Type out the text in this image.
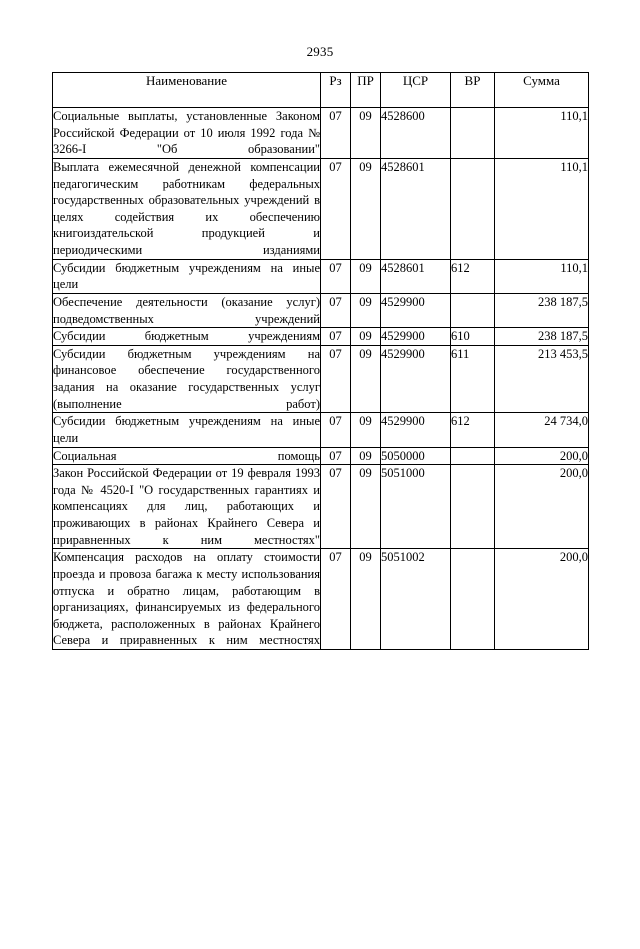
2935
Наименование	Рз	ПР	ЦСР	ВР	Сумма
Социальные выплаты, установленные Законом Российской Федерации от 10 июля 1992 года № 3266-I "Об образовании"	07	09	4528600		110,1
Выплата ежемесячной денежной компенсации педагогическим работникам федеральных государственных образовательных учреждений в целях содействия их обеспечению книгоиздательской продукцией и периодическими изданиями	07	09	4528601		110,1
Субсидии бюджетным учреждениям на иные цели	07	09	4528601	612	110,1
Обеспечение деятельности (оказание услуг) подведомственных учреждений	07	09	4529900		238 187,5
Субсидии бюджетным учреждениям	07	09	4529900	610	238 187,5
Субсидии бюджетным учреждениям на финансовое обеспечение государственного задания на оказание государственных услуг (выполнение работ)	07	09	4529900	611	213 453,5
Субсидии бюджетным учреждениям на иные цели	07	09	4529900	612	24 734,0
Социальная помощь	07	09	5050000		200,0
Закон Российской Федерации от 19 февраля 1993 года № 4520-I "О государственных гарантиях и компенсациях для лиц, работающих и проживающих в районах Крайнего Севера и приравненных к ним местностях"	07	09	5051000		200,0
Компенсация расходов на оплату стоимости проезда и провоза багажа к месту использования отпуска и обратно лицам, работающим в организациях, финансируемых из федерального бюджета, расположенных в районах Крайнего Севера и приравненных к ним местностях	07	09	5051002		200,0
